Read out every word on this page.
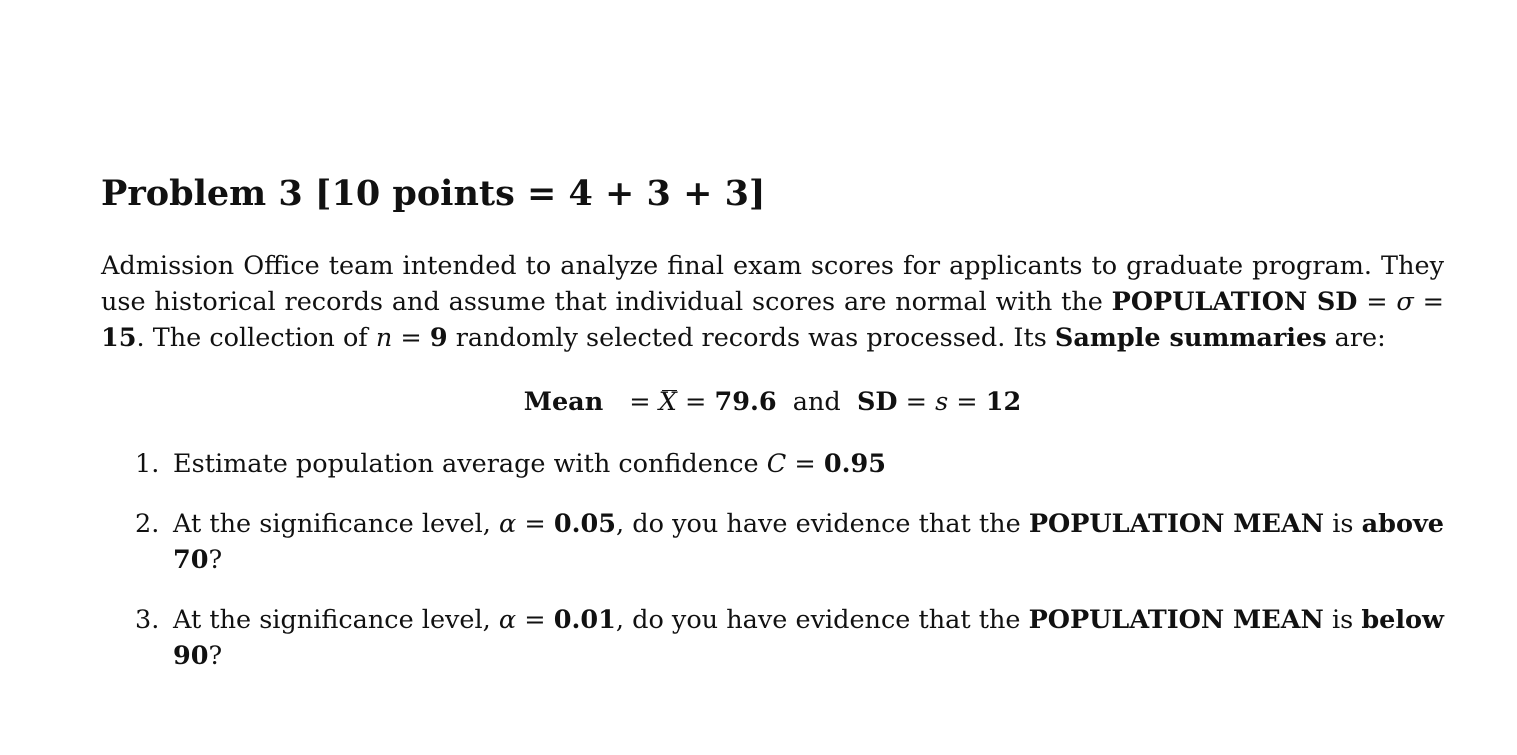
Problem 3 [10 points = 4 + 3 + 3]

Admission Office team intended to analyze final exam scores for applicants to graduate program. They use historical records and assume that individual scores are normal with the POPULATION SD = σ = 15. The collection of n = 9 randomly selected records was processed. Its Sample summaries are:

Mean = X = 79.6 and SD = s = 12
1. Estimate population average with confidence C = 0.95
2. At the significance level, α = 0.05, do you have evidence that the POPULATION MEAN is above 70?
3. At the significance level, α = 0.01, do you have evidence that the POPULATION MEAN is below 90?
